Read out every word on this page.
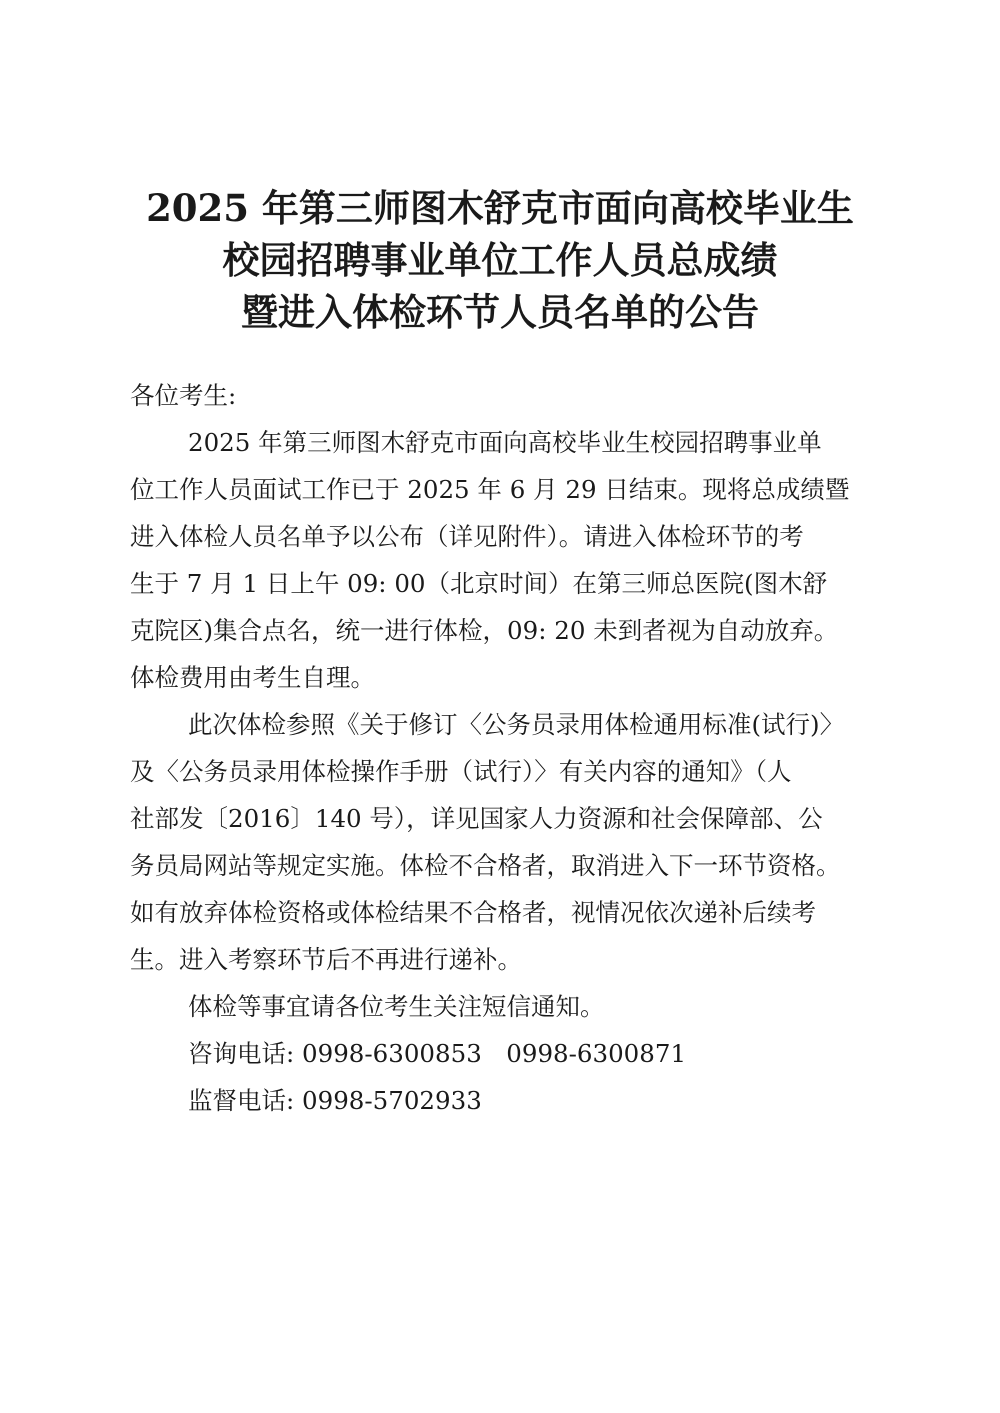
2025 年第三师图木舒克市面向高校毕业生
校园招聘事业单位工作人员总成绩
暨进入体检环节人员名单的公告
各位考生:
2025 年第三师图木舒克市面向高校毕业生校园招聘事业单
位工作人员面试工作已于 2025 年 6 月 29 日结束。现将总成绩暨
进入体检人员名单予以公布（详见附件）。请进入体检环节的考
生于 7 月 1 日上午 09: 00（北京时间）在第三师总医院(图木舒
克院区)集合点名，统一进行体检，09: 20 未到者视为自动放弃。
体检费用由考生自理。
此次体检参照《关于修订〈公务员录用体检通用标准(试行)〉
及〈公务员录用体检操作手册（试行）〉有关内容的通知》（人
社部发〔2016〕140 号），详见国家人力资源和社会保障部、公
务员局网站等规定实施。体检不合格者，取消进入下一环节资格。
如有放弃体检资格或体检结果不合格者，视情况依次递补后续考
生。进入考察环节后不再进行递补。
体检等事宜请各位考生关注短信通知。
咨询电话: 0998-6300853　0998-6300871
监督电话: 0998-5702933
